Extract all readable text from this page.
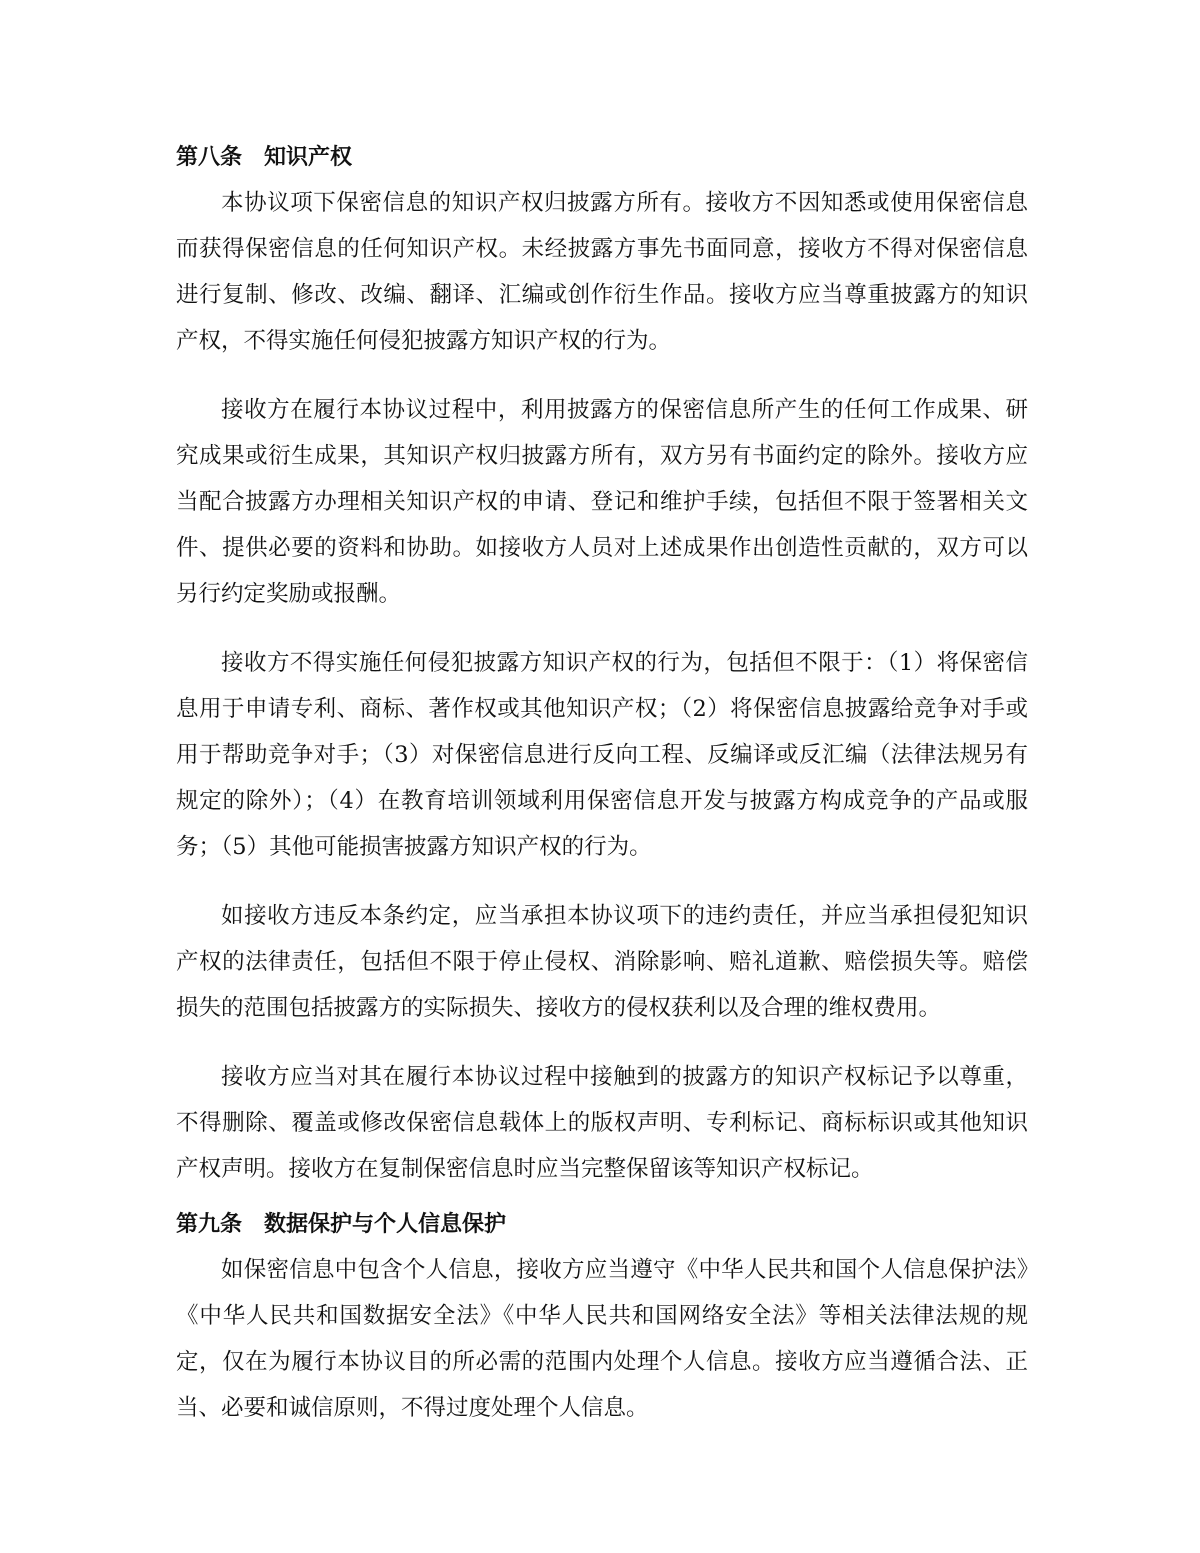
第八条　知识产权

本协议项下保密信息的知识产权归披露方所有。接收方不因知悉或使用保密信息而获得保密信息的任何知识产权。未经披露方事先书面同意，接收方不得对保密信息进行复制、修改、改编、翻译、汇编或创作衍生作品。接收方应当尊重披露方的知识产权，不得实施任何侵犯披露方知识产权的行为。

接收方在履行本协议过程中，利用披露方的保密信息所产生的任何工作成果、研究成果或衍生成果，其知识产权归披露方所有，双方另有书面约定的除外。接收方应当配合披露方办理相关知识产权的申请、登记和维护手续，包括但不限于签署相关文件、提供必要的资料和协助。如接收方人员对上述成果作出创造性贡献的，双方可以另行约定奖励或报酬。

接收方不得实施任何侵犯披露方知识产权的行为，包括但不限于：（1）将保密信息用于申请专利、商标、著作权或其他知识产权；（2）将保密信息披露给竞争对手或用于帮助竞争对手；（3）对保密信息进行反向工程、反编译或反汇编（法律法规另有规定的除外）；（4）在教育培训领域利用保密信息开发与披露方构成竞争的产品或服务；（5）其他可能损害披露方知识产权的行为。

如接收方违反本条约定，应当承担本协议项下的违约责任，并应当承担侵犯知识产权的法律责任，包括但不限于停止侵权、消除影响、赔礼道歉、赔偿损失等。赔偿损失的范围包括披露方的实际损失、接收方的侵权获利以及合理的维权费用。

接收方应当对其在履行本协议过程中接触到的披露方的知识产权标记予以尊重，不得删除、覆盖或修改保密信息载体上的版权声明、专利标记、商标标识或其他知识产权声明。接收方在复制保密信息时应当完整保留该等知识产权标记。

第九条　数据保护与个人信息保护

如保密信息中包含个人信息，接收方应当遵守《中华人民共和国个人信息保护法》《中华人民共和国数据安全法》《中华人民共和国网络安全法》等相关法律法规的规定，仅在为履行本协议目的所必需的范围内处理个人信息。接收方应当遵循合法、正当、必要和诚信原则，不得过度处理个人信息。
